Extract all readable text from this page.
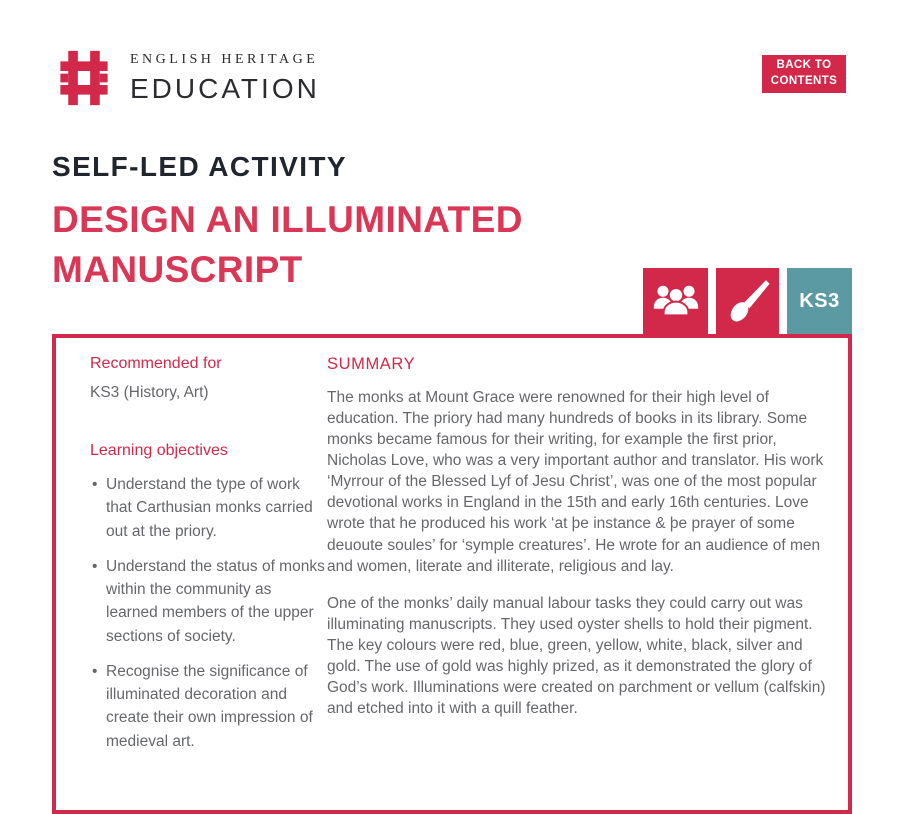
ENGLISH HERITAGE
EDUCATION
BACK TO
CONTENTS
SELF-LED ACTIVITY
DESIGN AN ILLUMINATED
MANUSCRIPT
KS3
Recommended for
KS3 (History, Art)
Learning objectives
• Understand the type of work that Carthusian monks carried out at the priory.
• Understand the status of monks within the community as learned members of the upper sections of society.
• Recognise the significance of illuminated decoration and create their own impression of medieval art.
SUMMARY

The monks at Mount Grace were renowned for their high level of education. The priory had many hundreds of books in its library. Some monks became famous for their writing, for example the first prior, Nicholas Love, who was a very important author and translator. His work ‘Myrrour of the Blessed Lyf of Jesu Christ’, was one of the most popular devotional works in England in the 15th and early 16th centuries. Love wrote that he produced his work ‘at þe instance & þe prayer of some deuoute soules’ for ‘symple creatures’. He wrote for an audience of men and women, literate and illiterate, religious and lay.

One of the monks’ daily manual labour tasks they could carry out was illuminating manuscripts. They used oyster shells to hold their pigment. The key colours were red, blue, green, yellow, white, black, silver and gold. The use of gold was highly prized, as it demonstrated the glory of God’s work. Illuminations were created on parchment or vellum (calfskin) and etched into it with a quill feather.
